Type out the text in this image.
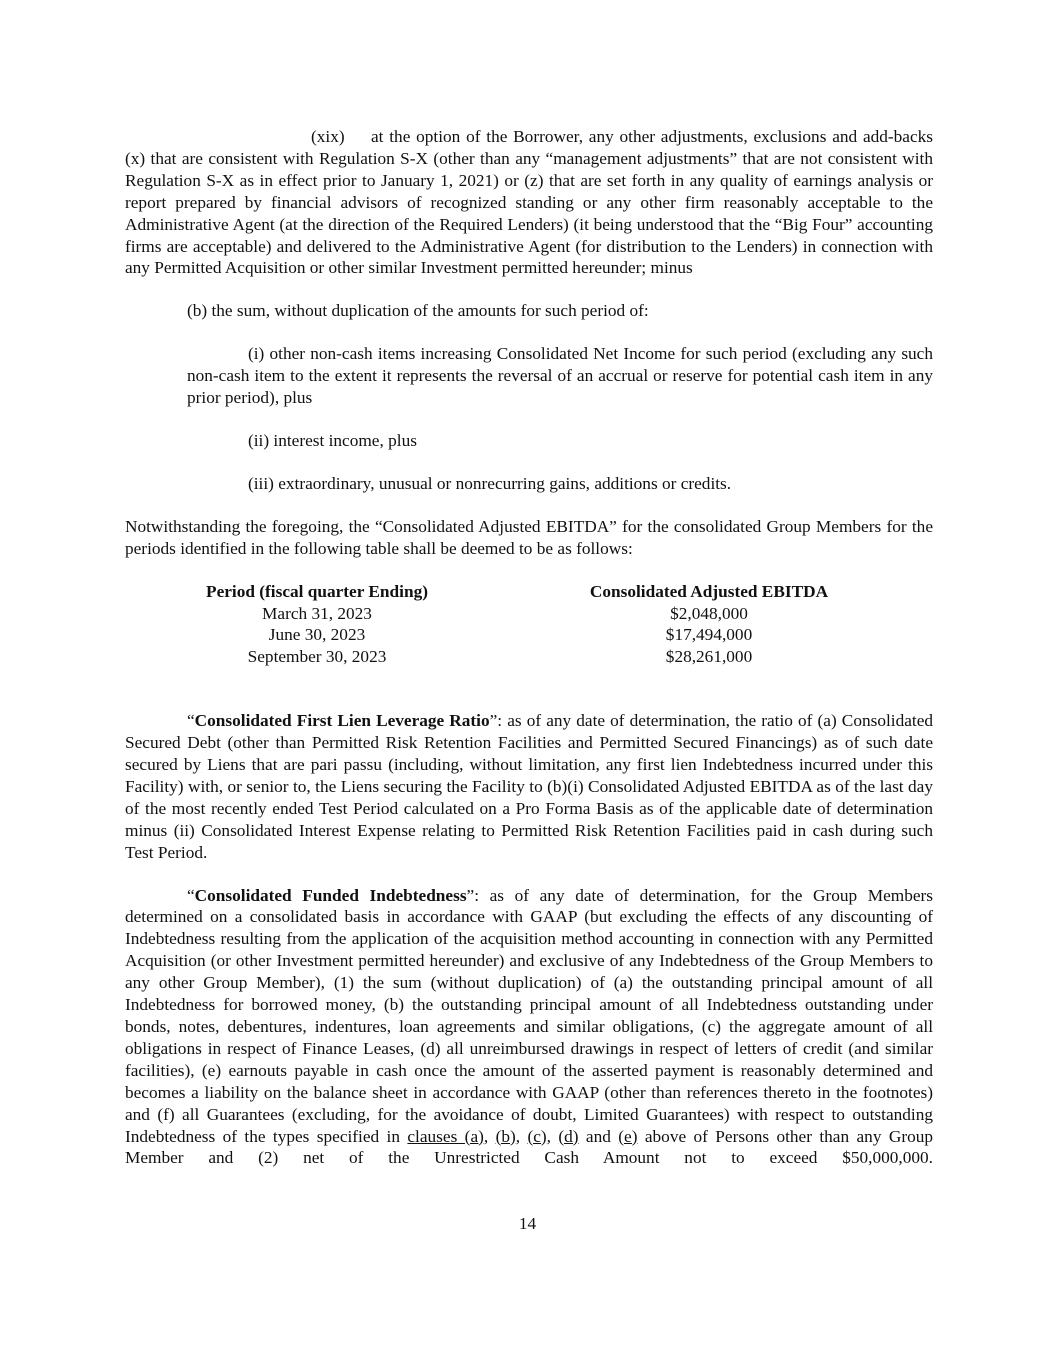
(xix) at the option of the Borrower, any other adjustments, exclusions and add-backs (x) that are consistent with Regulation S-X (other than any “management adjustments” that are not consistent with Regulation S-X as in effect prior to January 1, 2021) or (z) that are set forth in any quality of earnings analysis or report prepared by financial advisors of recognized standing or any other firm reasonably acceptable to the Administrative Agent (at the direction of the Required Lenders) (it being understood that the “Big Four” accounting firms are acceptable) and delivered to the Administrative Agent (for distribution to the Lenders) in connection with any Permitted Acquisition or other similar Investment permitted hereunder; minus

(b) the sum, without duplication of the amounts for such period of:

(i) other non-cash items increasing Consolidated Net Income for such period (excluding any such non-cash item to the extent it represents the reversal of an accrual or reserve for potential cash item in any prior period), plus

(ii) interest income, plus

(iii) extraordinary, unusual or nonrecurring gains, additions or credits.

Notwithstanding the foregoing, the “Consolidated Adjusted EBITDA” for the consolidated Group Members for the periods identified in the following table shall be deemed to be as follows:

Period (fiscal quarter Ending)	Consolidated Adjusted EBITDA
March 31, 2023	$2,048,000
June 30, 2023	$17,494,000
September 30, 2023	$28,261,000

“Consolidated First Lien Leverage Ratio”: as of any date of determination, the ratio of (a) Consolidated Secured Debt (other than Permitted Risk Retention Facilities and Permitted Secured Financings) as of such date secured by Liens that are pari passu (including, without limitation, any first lien Indebtedness incurred under this Facility) with, or senior to, the Liens securing the Facility to (b)(i) Consolidated Adjusted EBITDA as of the last day of the most recently ended Test Period calculated on a Pro Forma Basis as of the applicable date of determination minus (ii) Consolidated Interest Expense relating to Permitted Risk Retention Facilities paid in cash during such Test Period.

“Consolidated Funded Indebtedness”: as of any date of determination, for the Group Members determined on a consolidated basis in accordance with GAAP (but excluding the effects of any discounting of Indebtedness resulting from the application of the acquisition method accounting in connection with any Permitted Acquisition (or other Investment permitted hereunder) and exclusive of any Indebtedness of the Group Members to any other Group Member), (1) the sum (without duplication) of (a) the outstanding principal amount of all Indebtedness for borrowed money, (b) the outstanding principal amount of all Indebtedness outstanding under bonds, notes, debentures, indentures, loan agreements and similar obligations, (c) the aggregate amount of all obligations in respect of Finance Leases, (d) all unreimbursed drawings in respect of letters of credit (and similar facilities), (e) earnouts payable in cash once the amount of the asserted payment is reasonably determined and becomes a liability on the balance sheet in accordance with GAAP (other than references thereto in the footnotes) and (f) all Guarantees (excluding, for the avoidance of doubt, Limited Guarantees) with respect to outstanding Indebtedness of the types specified in clauses (a), (b), (c), (d) and (e) above of Persons other than any Group Member and (2) net of the Unrestricted Cash Amount not to exceed $50,000,000.

14
